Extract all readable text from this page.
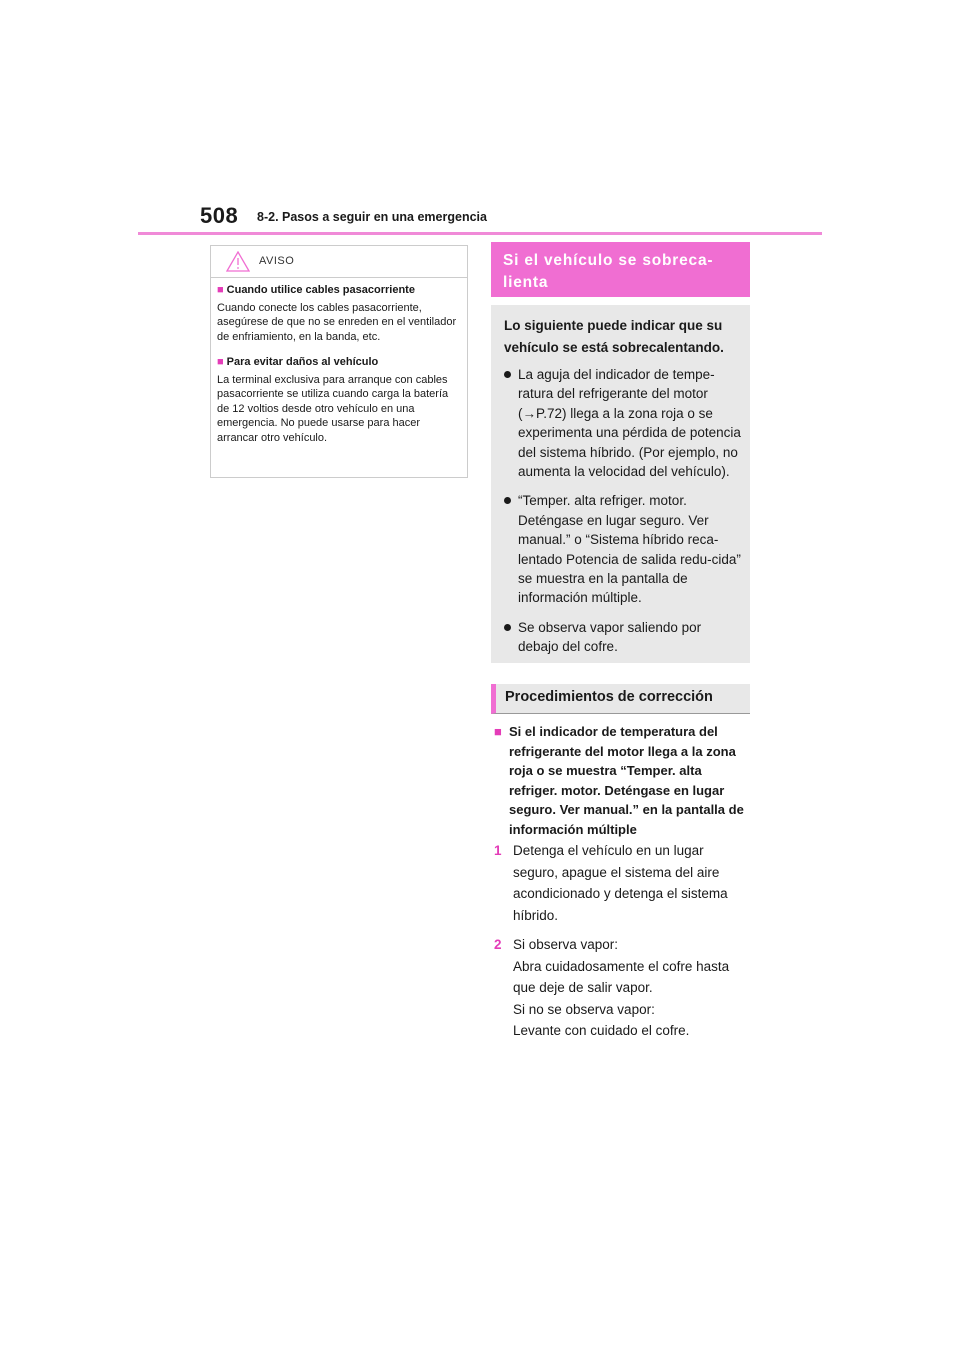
508 8-2. Pasos a seguir en una emergencia
AVISO
■ Cuando utilice cables pasacorriente

Cuando conecte los cables pasacorriente, asegúrese de que no se enreden en el ventilador de enfriamiento, en la banda, etc.

■ Para evitar daños al vehículo

La terminal exclusiva para arranque con cables pasacorriente se utiliza cuando carga la batería de 12 voltios desde otro vehículo en una emergencia. No puede usarse para hacer arrancar otro vehículo.

Si el vehículo se sobreca-
lienta
Lo siguiente puede indicar que su vehículo se está sobrecalentando.
La aguja del indicador de tempe-ratura del refrigerante del motor (→P.72) llega a la zona roja o se experimenta una pérdida de potencia del sistema híbrido. (Por ejemplo, no aumenta la velocidad del vehículo).
“Temper. alta refriger. motor. Deténgase en lugar seguro. Ver manual.” o “Sistema híbrido reca-lentado Potencia de salida redu-cida” se muestra en la pantalla de información múltiple.
Se observa vapor saliendo por debajo del cofre.
Procedimientos de corrección
■ Si el indicador de temperatura del refrigerante del motor llega a la zona roja o se muestra “Temper. alta refriger. motor. Deténgase en lugar seguro. Ver manual.” en la pantalla de información múltiple
1 Detenga el vehículo en un lugar seguro, apague el sistema del aire acondicionado y detenga el sistema híbrido.
2 Si observa vapor:
Abra cuidadosamente el cofre hasta que deje de salir vapor.
Si no se observa vapor:
Levante con cuidado el cofre.
